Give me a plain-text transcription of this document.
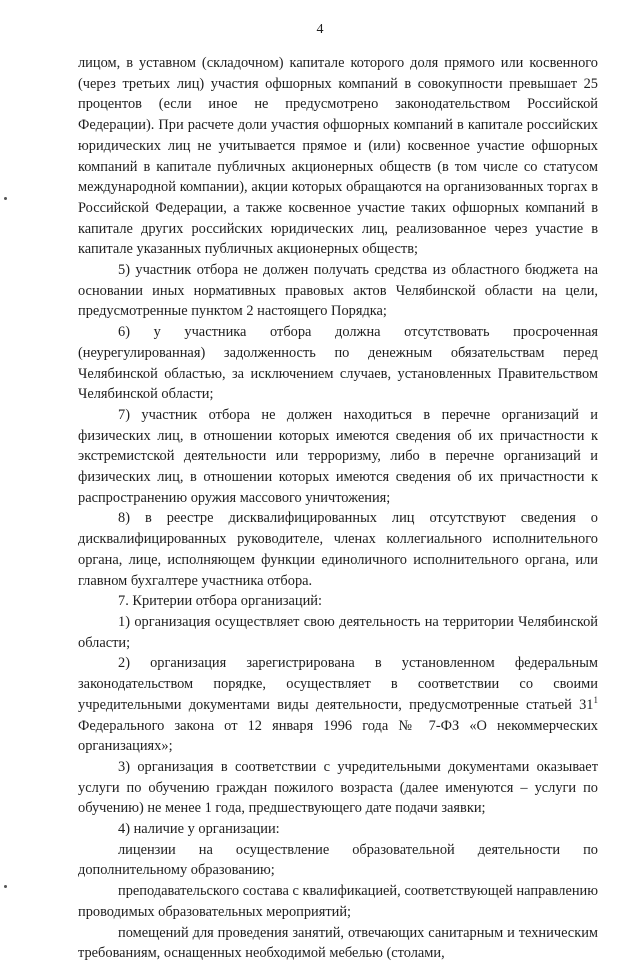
4

лицом, в уставном (складочном) капитале которого доля прямого или косвенного (через третьих лиц) участия офшорных компаний в совокупности превышает 25 процентов (если иное не предусмотрено законодательством Российской Федерации). При расчете доли участия офшорных компаний в капитале российских юридических лиц не учитывается прямое и (или) косвенное участие офшорных компаний в капитале публичных акционерных обществ (в том числе со статусом международной компании), акции которых обращаются на организованных торгах в Российской Федерации, а также косвенное участие таких офшорных компаний в капитале других российских юридических лиц, реализованное через участие в капитале указанных публичных акционерных обществ;

5) участник отбора не должен получать средства из областного бюджета на основании иных нормативных правовых актов Челябинской области на цели, предусмотренные пунктом 2 настоящего Порядка;

6) у участника отбора должна отсутствовать просроченная (неурегулированная) задолженность по денежным обязательствам перед Челябинской областью, за исключением случаев, установленных Правительством Челябинской области;

7) участник отбора не должен находиться в перечне организаций и физических лиц, в отношении которых имеются сведения об их причастности к экстремистской деятельности или терроризму, либо в перечне организаций и физических лиц, в отношении которых имеются сведения об их причастности к распространению оружия массового уничтожения;

8) в реестре дисквалифицированных лиц отсутствуют сведения о дисквалифицированных руководителе, членах коллегиального исполнительного органа, лице, исполняющем функции единоличного исполнительного органа, или главном бухгалтере участника отбора.

7. Критерии отбора организаций:

1) организация осуществляет свою деятельность на территории Челябинской области;

2) организация зарегистрирована в установленном федеральным законодательством порядке, осуществляет в соответствии со своими учредительными документами виды деятельности, предусмотренные статьей $31^1$ Федерального закона от 12 января 1996 года № 7-ФЗ «О некоммерческих организациях»;

3) организация в соответствии с учредительными документами оказывает услуги по обучению граждан пожилого возраста (далее именуются – услуги по обучению) не менее 1 года, предшествующего дате подачи заявки;

4) наличие у организации:

лицензии на осуществление образовательной деятельности по дополнительному образованию;

преподавательского состава с квалификацией, соответствующей направлению проводимых образовательных мероприятий;

помещений для проведения занятий, отвечающих санитарным и техническим требованиям, оснащенных необходимой мебелью (столами,
